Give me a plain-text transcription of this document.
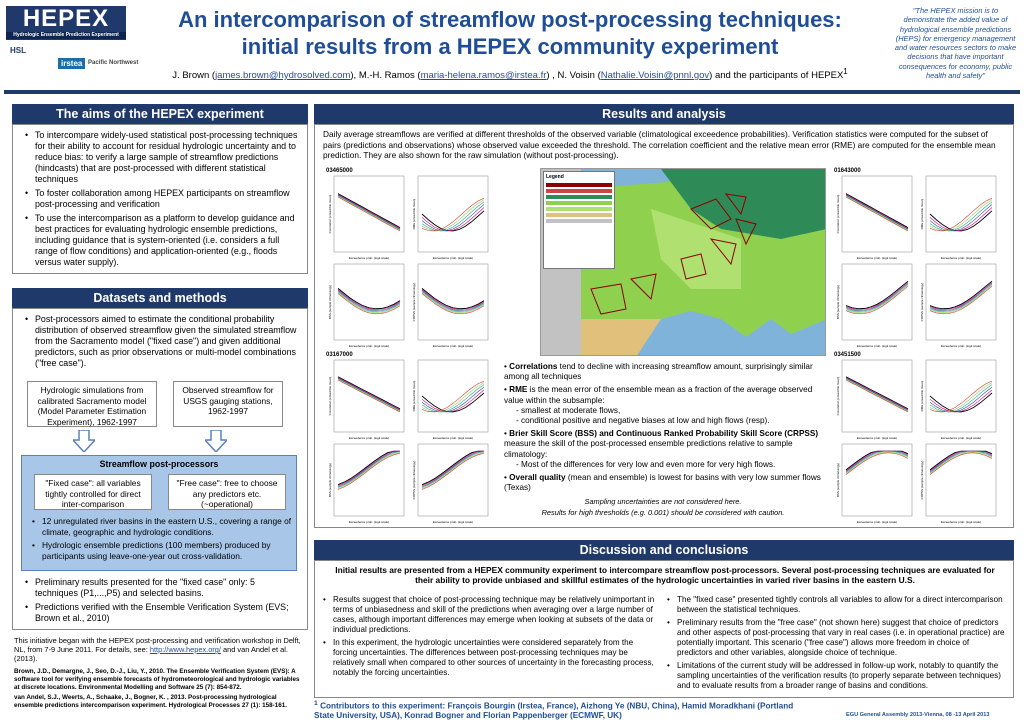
HEPEX
Hydrologic Ensemble Prediction Experiment
HSL
irstea Pacific Northwest
An intercomparison of streamflow post-processing techniques:
initial results from a HEPEX community experiment
J. Brown (james.brown@hydrosolved.com), M.-H. Ramos (maria-helena.ramos@irstea.fr) , N. Voisin (Nathalie.Voisin@pnnl.gov) and the participants of HEPEX$^1$
"The HEPEX mission is to demonstrate the added value of hydrological ensemble predictions (HEPS) for emergency management and water resources sectors to make decisions that have important consequences for economy, public health and safety"
The aims of the HEPEX experiment
• To intercompare widely-used statistical post-processing techniques for their ability to account for residual hydrologic uncertainty and to reduce bias: to verify a large sample of streamflow predictions (hindcasts) that are post-processed with different statistical techniques
• To foster collaboration among HEPEX participants on streamflow post-processing and verification
• To use the intercomparison as a platform to develop guidance and best practices for evaluating hydrologic ensemble predictions, including guidance that is system-oriented (i.e. considers a full range of flow conditions) and application-oriented (e.g., floods versus water supply).
Datasets and methods
• Post-processors aimed to estimate the conditional probability distribution of observed streamflow given the simulated streamflow from the Sacramento model ("fixed case") and given additional predictors, such as prior observations or multi-model combinations ("free case").
Hydrologic simulations from calibrated Sacramento model (Model Parameter Estimation Experiment), 1962-1997
Observed streamflow for USGS gauging stations, 1962-1997
Streamflow post-processors
"Fixed case": all variables tightly controlled for direct inter-comparison
"Free case": free to choose any predictors etc. (~operational)
• 12 unregulated river basins in the eastern U.S., covering a range of climate, geographic and hydrologic conditions.
• Hydrologic ensemble predictions (100 members) produced by participants using leave-one-year out cross-validation.
• Preliminary results presented for the "fixed case" only: 5 techniques (P1,...,P5) and selected basins.
• Predictions verified with the Ensemble Verification System (EVS; Brown et al., 2010)
This initiative began with the HEPEX post-processing and verification workshop in Delft, NL, from 7-9 June 2011. For details, see: http://www.hepex.org/ and van Andel et al. (2013).
Brown, J.D., Demargne, J., Seo, D.-J., Liu, Y., 2010. The Ensemble Verification System (EVS): A software tool for verifying ensemble forecasts of hydrometeorological and hydrologic variables at discrete locations. Environmental Modelling and Software 25 (7): 854-872.
van Andel, S.J., Weerts, A., Schaake, J., Bogner, K. , 2013. Post-processing hydrological ensemble predictions intercomparison experiment. Hydrological Processes 27 (1): 158-161.
Results and analysis
Daily average streamflows are verified at different thresholds of the observed variable (climatological exceedence probabilities). Verification statistics were computed for the subset of pairs (predictions and observations) whose observed value exceeded the threshold. The correlation coefficient and the relative mean error (RME) are computed for the ensemble mean prediction. They are also shown for the raw simulation (without post-processing).
03465000
Correlation (ensemble mean)
Exceedence prob. (logit scale)
RME (ensemble mean)
Exceedence prob. (logit scale)
BSS (sample climatology)
Exceedence prob. (logit scale)
CRPSS (sample climatology)
Exceedence prob. (logit scale)
01643000
Correlation (ensemble mean)
Exceedence prob. (logit scale)
RME (ensemble mean)
Exceedence prob. (logit scale)
BSS (sample climatology)
Exceedence prob. (logit scale)
CRPSS (sample climatology)
Exceedence prob. (logit scale)
03167000
Correlation (ensemble mean)
Exceedence prob. (logit scale)
RME (ensemble mean)
Exceedence prob. (logit scale)
BSS (sample climatology)
Exceedence prob. (logit scale)
CRPSS (sample climatology)
Exceedence prob. (logit scale)
03451500
Correlation (ensemble mean)
Exceedence prob. (logit scale)
RME (ensemble mean)
Exceedence prob. (logit scale)
BSS (sample climatology)
Exceedence prob. (logit scale)
CRPSS (sample climatology)
Exceedence prob. (logit scale)
Legend
• Correlations tend to decline with increasing streamflow amount, surprisingly similar among all techniques
• RME is the mean error of the ensemble mean as a fraction of the average observed value within the subsample:
- smallest at moderate flows,
- conditional positive and negative biases at low and high flows (resp).
• Brier Skill Score (BSS) and Continuous Ranked Probability Skill Score (CRPSS) measure the skill of the post-processed ensemble predictions relative to sample climatology:
- Most of the differences for very low and even more for very high flows.
• Overall quality (mean and ensemble) is lowest for basins with very low summer flows (Texas)
Sampling uncertainties are not considered here.
Results for high thresholds (e.g. 0.001) should be considered with caution.
Discussion and conclusions
Initial results are presented from a HEPEX community experiment to intercompare streamflow post-processors. Several post-processing techniques are evaluated for their ability to provide unbiased and skillful estimates of the hydrologic uncertainties in varied river basins in the eastern U.S.
• Results suggest that choice of post-processing technique may be relatively unimportant in terms of unbiasedness and skill of the predictions when averaging over a large number of cases, although important differences may emerge when looking at subsets of the data or individual predictions.
• In this experiment, the hydrologic uncertainties were considered separately from the forcing uncertainties. The differences between post-processing techniques may be relatively small when compared to other sources of uncertainty in the forecasting process, notably the forcing uncertainties.
• The "fixed case" presented tightly controls all variables to allow for a direct intercomparison between the statistical techniques.
• Preliminary results from the "free case" (not shown here) suggest that choice of predictors and other aspects of post-processing that vary in real cases (i.e. in operational practice) are potentially important. This scenario ("free case") allows more freedom in choice of predictors and other variables, alongside choice of technique.
• Limitations of the current study will be addressed in follow-up work, notably to quantify the sampling uncertainties of the verification results (to properly separate between techniques) and to evaluate results from a broader range of basins and conditions.
$^1$ Contributors to this experiment: François Bourgin (Irstea, France), Aizhong Ye (NBU, China), Hamid Moradkhani (Portland State University, USA), Konrad Bogner and Florian Pappenberger (ECMWF, UK)	EGU General Assembly 2013-Vienna, 08 -13 April 2013
